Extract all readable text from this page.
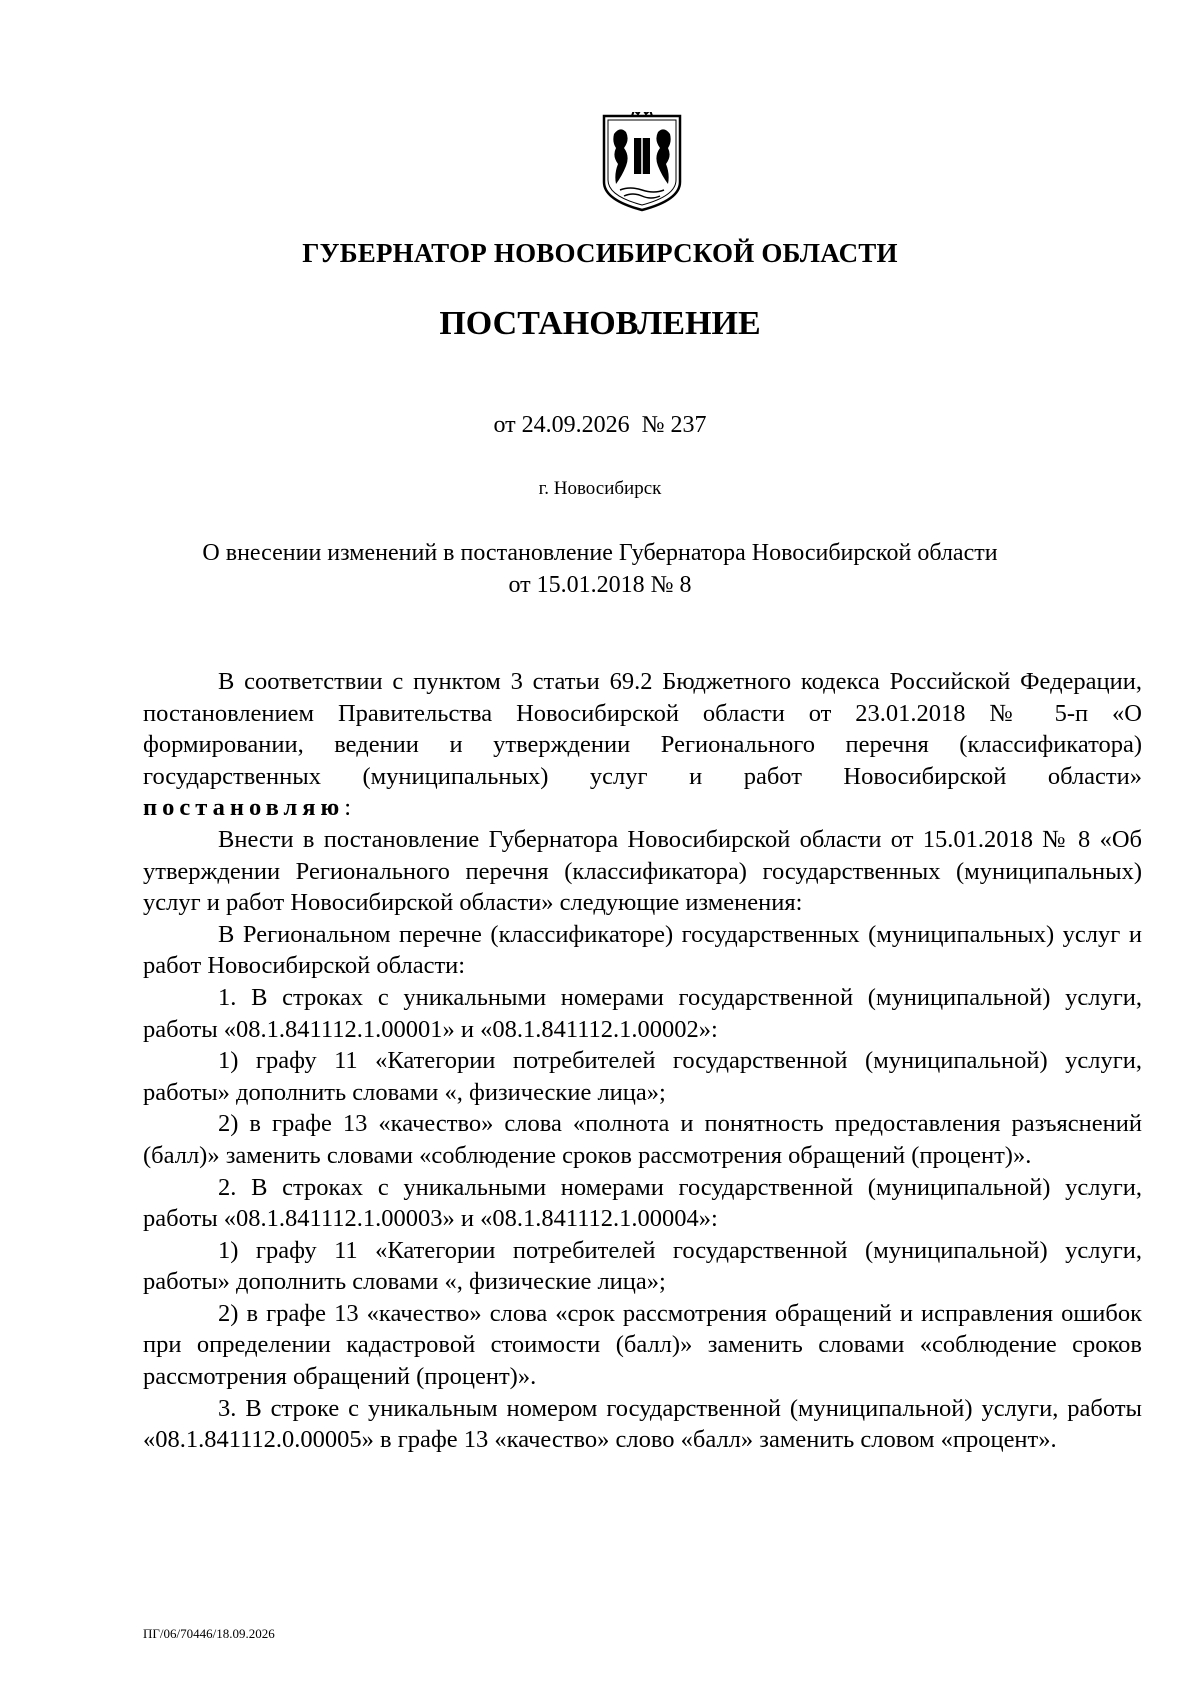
ГУБЕРНАТОР НОВОСИБИРСКОЙ ОБЛАСТИ
ПОСТАНОВЛЕНИЕ
от 24.09.2026  № 237
г. Новосибирск
О внесении изменений в постановление Губернатора Новосибирской области
от 15.01.2018 № 8

В соответствии с пунктом 3 статьи 69.2 Бюджетного кодекса Российской Федерации, постановлением Правительства Новосибирской области от 23.01.2018 № 5-п «О формировании, ведении и утверждении Регионального перечня (классификатора) государственных (муниципальных) услуг и работ Новосибирской области» постановляю:

Внести в постановление Губернатора Новосибирской области от 15.01.2018 № 8 «Об утверждении Регионального перечня (классификатора) государственных (муниципальных) услуг и работ Новосибирской области» следующие изменения:

В Региональном перечне (классификаторе) государственных (муниципальных) услуг и работ Новосибирской области:

1. В строках с уникальными номерами государственной (муниципальной) услуги, работы «08.1.841112.1.00001» и «08.1.841112.1.00002»:

1) графу 11 «Категории потребителей государственной (муниципальной) услуги, работы» дополнить словами «, физические лица»;

2) в графе 13 «качество» слова «полнота и понятность предоставления разъяснений (балл)» заменить словами «соблюдение сроков рассмотрения обращений (процент)».

2. В строках с уникальными номерами государственной (муниципальной) услуги, работы «08.1.841112.1.00003» и «08.1.841112.1.00004»:

1) графу 11 «Категории потребителей государственной (муниципальной) услуги, работы» дополнить словами «, физические лица»;

2) в графе 13 «качество» слова «срок рассмотрения обращений и исправления ошибок при определении кадастровой стоимости (балл)» заменить словами «соблюдение сроков рассмотрения обращений (процент)».

3. В строке с уникальным номером государственной (муниципальной) услуги, работы «08.1.841112.0.00005» в графе 13 «качество» слово «балл» заменить словом «процент».

ПГ/06/70446/18.09.2026
